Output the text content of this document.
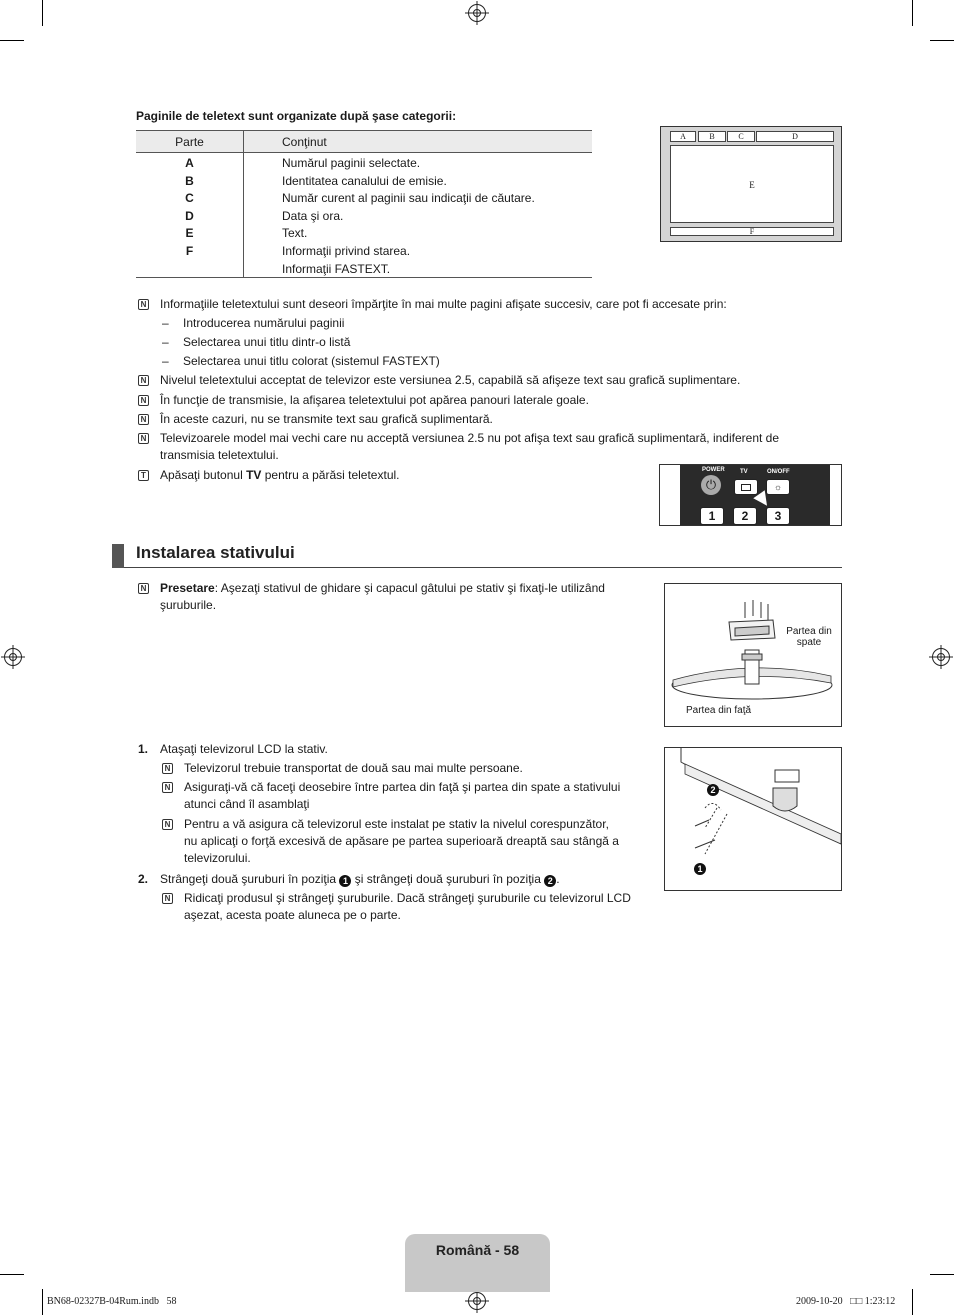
Paginile de teletext sunt organizate după şase categorii:
Parte	Conţinut
A	Numărul paginii selectate.
B	Identitatea canalului de emisie.
C	Număr curent al paginii sau indicaţii de căutare.
D	Data şi ora.
E	Text.
F	Informaţii privind starea.
Informaţii FASTEXT.
A	B	C	D
E
F
N
Informaţiile teletextului sunt deseori împărţite în mai multe pagini afişate succesiv, care pot fi accesate prin:
– Introducerea numărului paginii
– Selectarea unui titlu dintr-o listă
– Selectarea unui titlu colorat (sistemul FASTEXT)
N
Nivelul teletextului acceptat de televizor este versiunea 2.5, capabilă să afişeze text sau grafică suplimentare.
N
În funcţie de transmisie, la afişarea teletextului pot apărea panouri laterale goale.
N
În aceste cazuri, nu se transmite text sau grafică suplimentară.
N
Televizoarele model mai vechi care nu acceptă versiunea 2.5 nu pot afişa text sau grafică suplimentară, indiferent de
transmisia teletextului.
T
Apăsaţi butonul TV pentru a părăsi teletextul.	POWER
⏻
TV	ON/OFF
☼
1	2	3
Instalarea stativului
N
Presetare: Aşezaţi stativul de ghidare şi capacul gâtului pe stativ şi fixaţi-le utilizând
şuruburile.
Partea din
spate
Partea din faţă
1. Ataşaţi televizorul LCD la stativ.
N
Televizorul trebuie transportat de două sau mai multe persoane.
N
Asiguraţi-vă că faceţi deosebire între partea din faţă şi partea din spate a stativului
atunci când îl asamblaţi
N
Pentru a vă asigura că televizorul este instalat pe stativ la nivelul corespunzător,
nu aplicaţi o forţă excesivă de apăsare pe partea superioară dreaptă sau stângă a
televizorului.
2. Strângeţi două şuruburi în poziţia 1 şi strângeţi două şuruburi în poziţia 2 .
N
Ridicaţi produsul şi strângeţi şuruburile. Dacă strângeţi şuruburile cu televizorul LCD
aşezat, acesta poate aluneca pe o parte.
2
1
Română - 58
BN68-02327B-04Rum.indb   58	2009-10-20   □□ 1:23:12
